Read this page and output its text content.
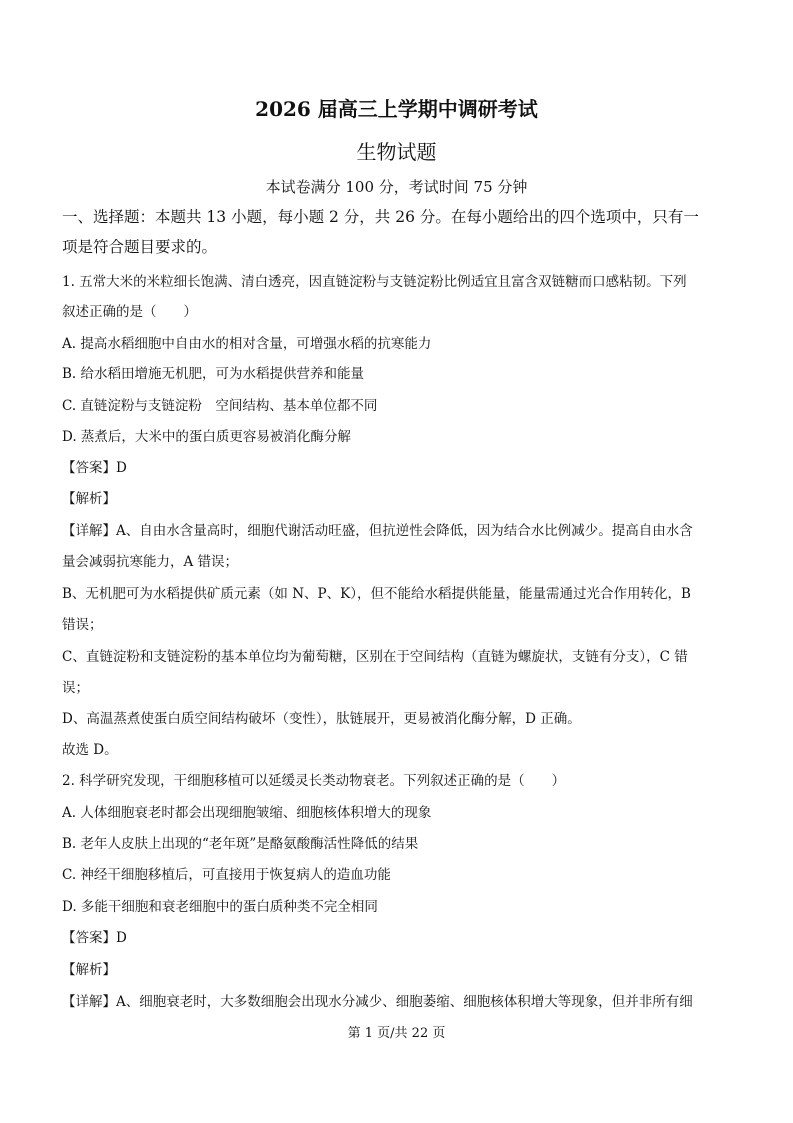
2026 届高三上学期中调研考试
生物试题
本试卷满分 100 分，考试时间 75 分钟
一、选择题：本题共 13 小题，每小题 2 分，共 26 分。在每小题给出的四个选项中，只有一
项是符合题目要求的。
1. 五常大米的米粒细长饱满、清白透亮，因直链淀粉与支链淀粉比例适宜且富含双链糖而口感粘韧。下列
叙述正确的是（　　）
A. 提高水稻细胞中自由水的相对含量，可增强水稻的抗寒能力
B. 给水稻田增施无机肥，可为水稻提供营养和能量
C. 直链淀粉与支链淀粉　空间结构、基本单位都不同
D. 蒸煮后，大米中的蛋白质更容易被消化酶分解
【答案】D
【解析】
【详解】A、自由水含量高时，细胞代谢活动旺盛，但抗逆性会降低，因为结合水比例减少。提高自由水含
量会减弱抗寒能力，A 错误；
B、无机肥可为水稻提供矿质元素（如 N、P、K），但不能给水稻提供能量，能量需通过光合作用转化，B
错误；
C、直链淀粉和支链淀粉的基本单位均为葡萄糖，区别在于空间结构（直链为螺旋状，支链有分支），C 错
误；
D、高温蒸煮使蛋白质空间结构破坏（变性），肽链展开，更易被消化酶分解，D 正确。
故选 D。
2. 科学研究发现，干细胞移植可以延缓灵长类动物衰老。下列叙述正确的是（　　）
A. 人体细胞衰老时都会出现细胞皱缩、细胞核体积增大的现象
B. 老年人皮肤上出现的“老年斑”是酪氨酸酶活性降低的结果
C. 神经干细胞移植后，可直接用于恢复病人的造血功能
D. 多能干细胞和衰老细胞中的蛋白质种类不完全相同
【答案】D
【解析】
【详解】A、细胞衰老时，大多数细胞会出现水分减少、细胞萎缩、细胞核体积增大等现象，但并非所有细
第 1 页/共 22 页
